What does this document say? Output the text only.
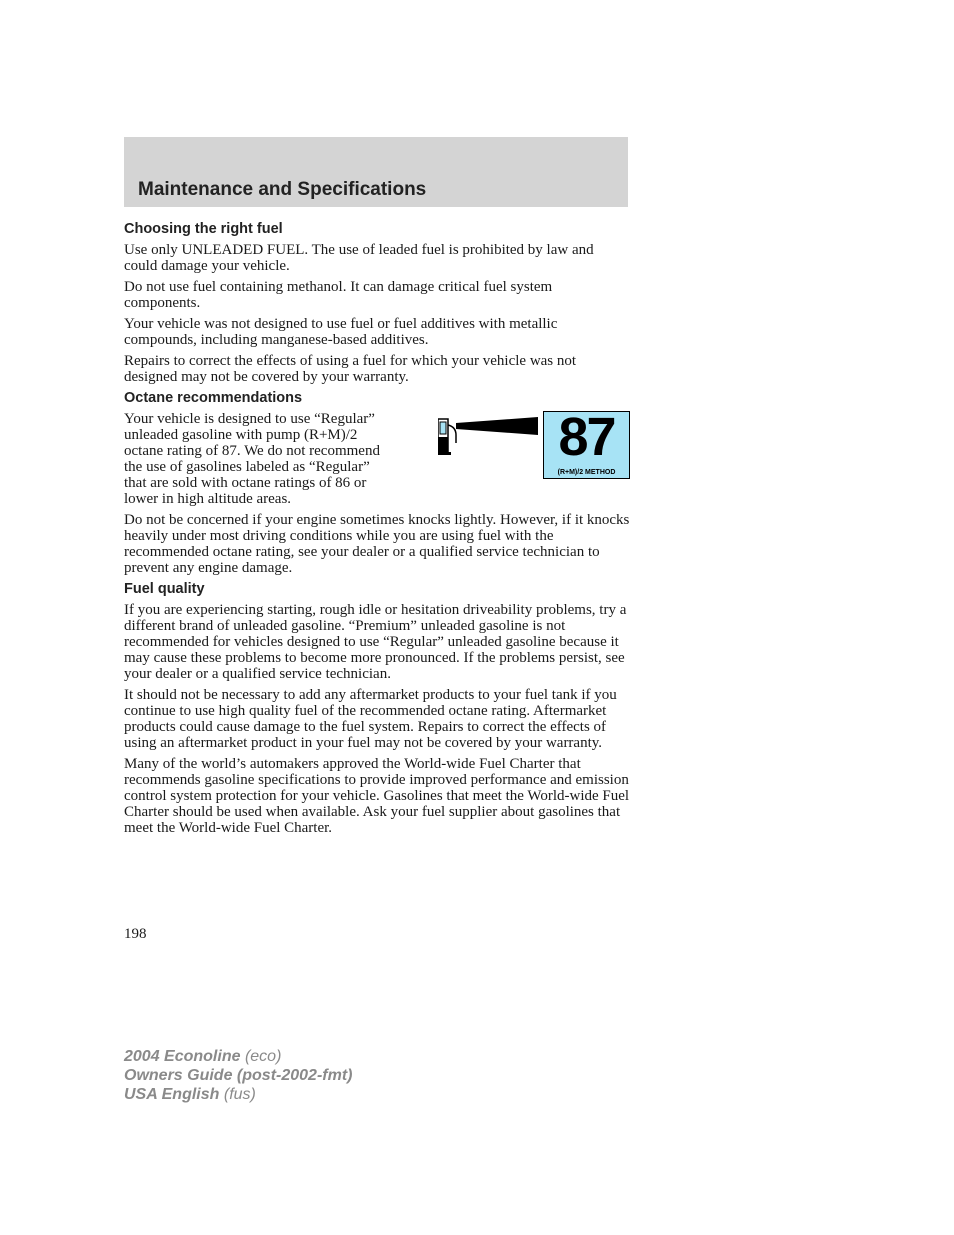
Maintenance and Specifications
Choosing the right fuel

Use only UNLEADED FUEL. The use of leaded fuel is prohibited by law and could damage your vehicle.

Do not use fuel containing methanol. It can damage critical fuel system components.

Your vehicle was not designed to use fuel or fuel additives with metallic compounds, including manganese-based additives.

Repairs to correct the effects of using a fuel for which your vehicle was not designed may not be covered by your warranty.

Octane recommendations
87
(R+M)/2 METHOD

Your vehicle is designed to use “Regular” unleaded gasoline with pump (R+M)/2 octane rating of 87. We do not recommend the use of gasolines labeled as “Regular” that are sold with octane ratings of 86 or lower in high altitude areas.

Do not be concerned if your engine sometimes knocks lightly. However, if it knocks heavily under most driving conditions while you are using fuel with the recommended octane rating, see your dealer or a qualified service technician to prevent any engine damage.

Fuel quality

If you are experiencing starting, rough idle or hesitation driveability problems, try a different brand of unleaded gasoline. “Premium” unleaded gasoline is not recommended for vehicles designed to use “Regular” unleaded gasoline because it may cause these problems to become more pronounced. If the problems persist, see your dealer or a qualified service technician.

It should not be necessary to add any aftermarket products to your fuel tank if you continue to use high quality fuel of the recommended octane rating. Aftermarket products could cause damage to the fuel system. Repairs to correct the effects of using an aftermarket product in your fuel may not be covered by your warranty.

Many of the world’s automakers approved the World-wide Fuel Charter that recommends gasoline specifications to provide improved performance and emission control system protection for your vehicle. Gasolines that meet the World-wide Fuel Charter should be used when available. Ask your fuel supplier about gasolines that meet the World-wide Fuel Charter.

198
2004 Econoline (eco)
Owners Guide (post-2002-fmt)
USA English (fus)
